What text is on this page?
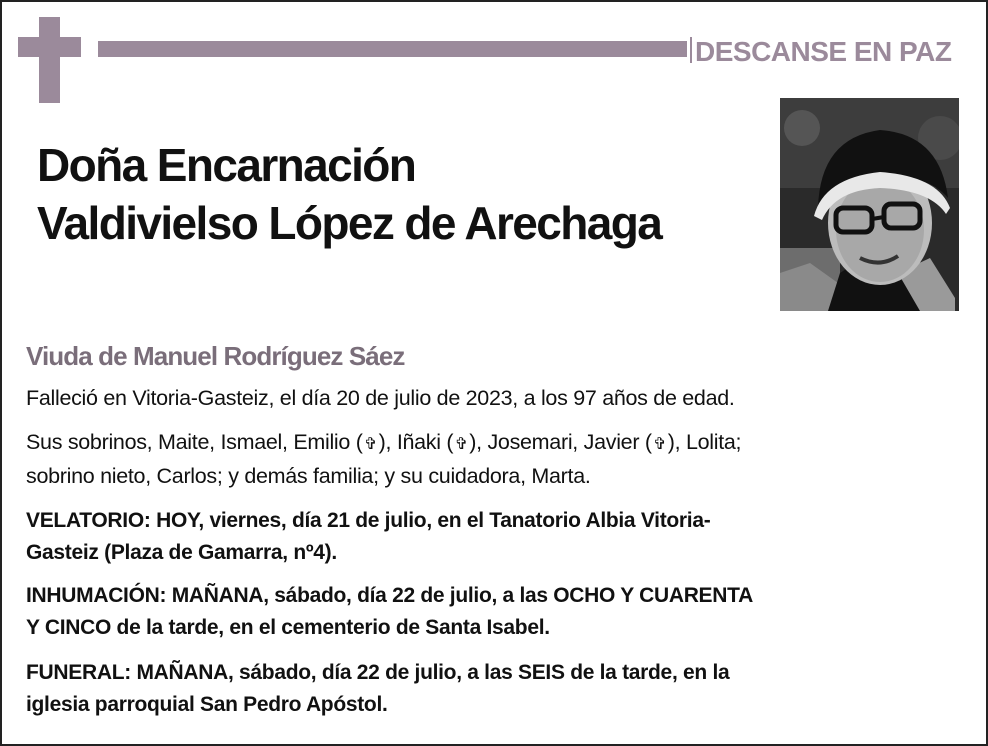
DESCANSE EN PAZ
Doña Encarnación
Valdivielso López de Arechaga
Viuda de Manuel Rodríguez Sáez
Falleció en Vitoria-Gasteiz, el día 20 de julio de 2023, a los 97 años de edad.
Sus sobrinos, Maite, Ismael, Emilio (✞), Iñaki (✞), Josemari, Javier (✞), Lolita;
sobrino nieto, Carlos; y demás familia; y su cuidadora, Marta.
VELATORIO: HOY, viernes, día 21 de julio, en el Tanatorio Albia Vitoria-
Gasteiz (Plaza de Gamarra, nº4).
INHUMACIÓN: MAÑANA, sábado, día 22 de julio, a las OCHO Y CUARENTA
Y CINCO de la tarde, en el cementerio de Santa Isabel.
FUNERAL: MAÑANA, sábado, día 22 de julio, a las SEIS de la tarde, en la
iglesia parroquial San Pedro Apóstol.
